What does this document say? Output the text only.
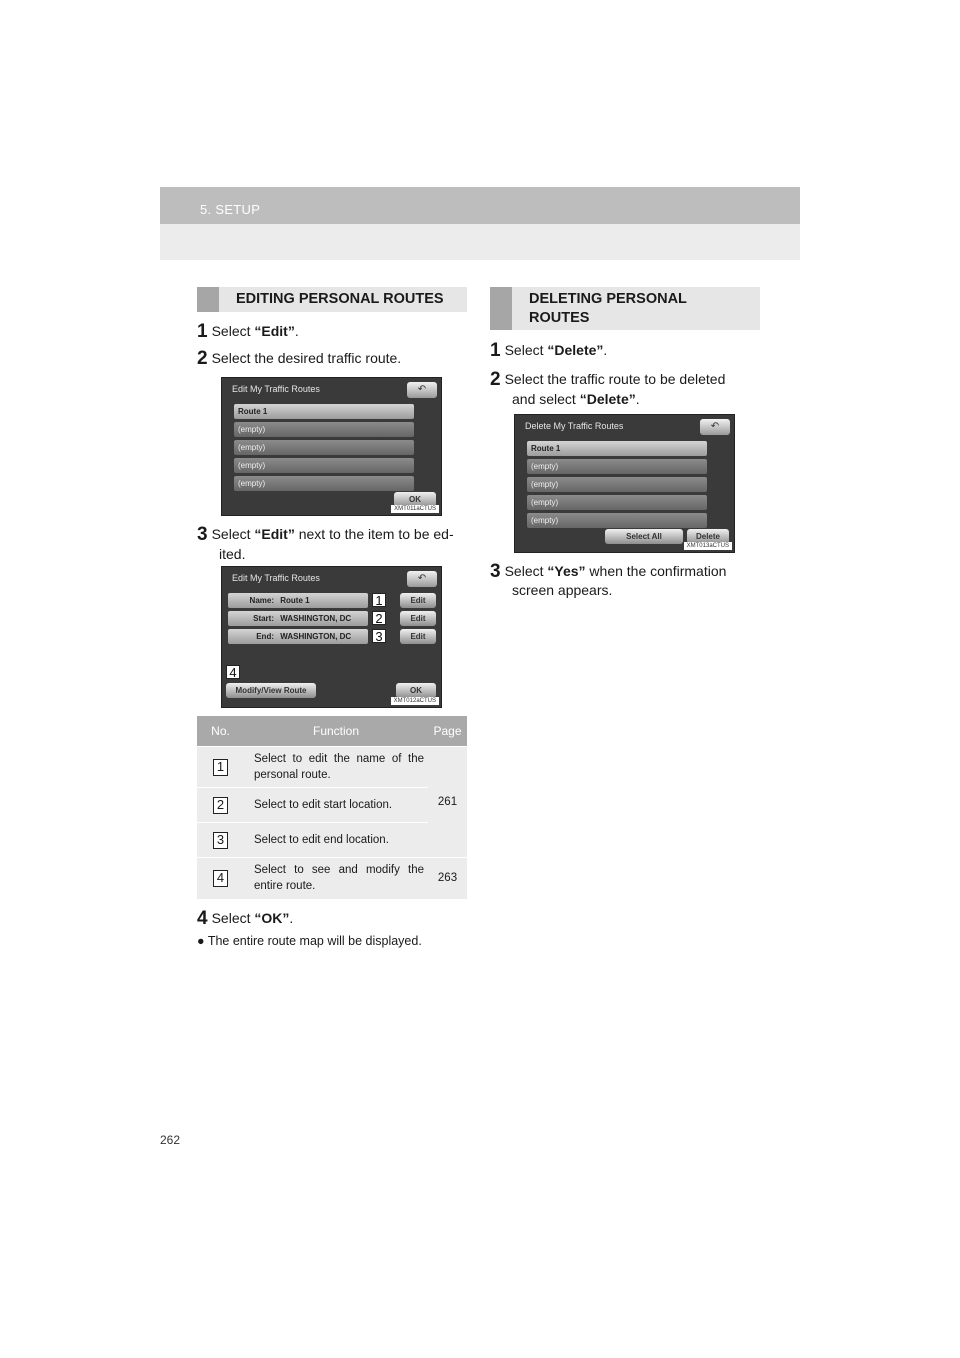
5. SETUP
EDITING PERSONAL ROUTES
1 Select “Edit”.
2 Select the desired traffic route.
Edit My Traffic Routes	↶
Route 1
(empty)
(empty)
(empty)
(empty)
OK
XMT011aCTUS
3 Select “Edit” next to the item to be ed-
ited.
Edit My Traffic Routes	↶
Name: Route 1
Start: WASHINGTON, DC
End: WASHINGTON, DC
1
2
3
Edit
Edit
Edit
4
Modify/View Route	OK
XMT012aCTUS
No.	Function	Page
1	Select to edit the name of the personal route.	261
2	Select to edit start location.	
3	Select to edit end location.	
4	Select to see and modify the entire route.	263
4 Select “OK”.
● The entire route map will be displayed.
DELETING PERSONAL
ROUTES
1 Select “Delete”.
2 Select the traffic route to be deleted
and select “Delete”.
Delete My Traffic Routes	↶
Route 1
(empty)
(empty)
(empty)
(empty)
Select All	Delete
XMT013aCTUS
3 Select “Yes” when the confirmation
screen appears.
262
